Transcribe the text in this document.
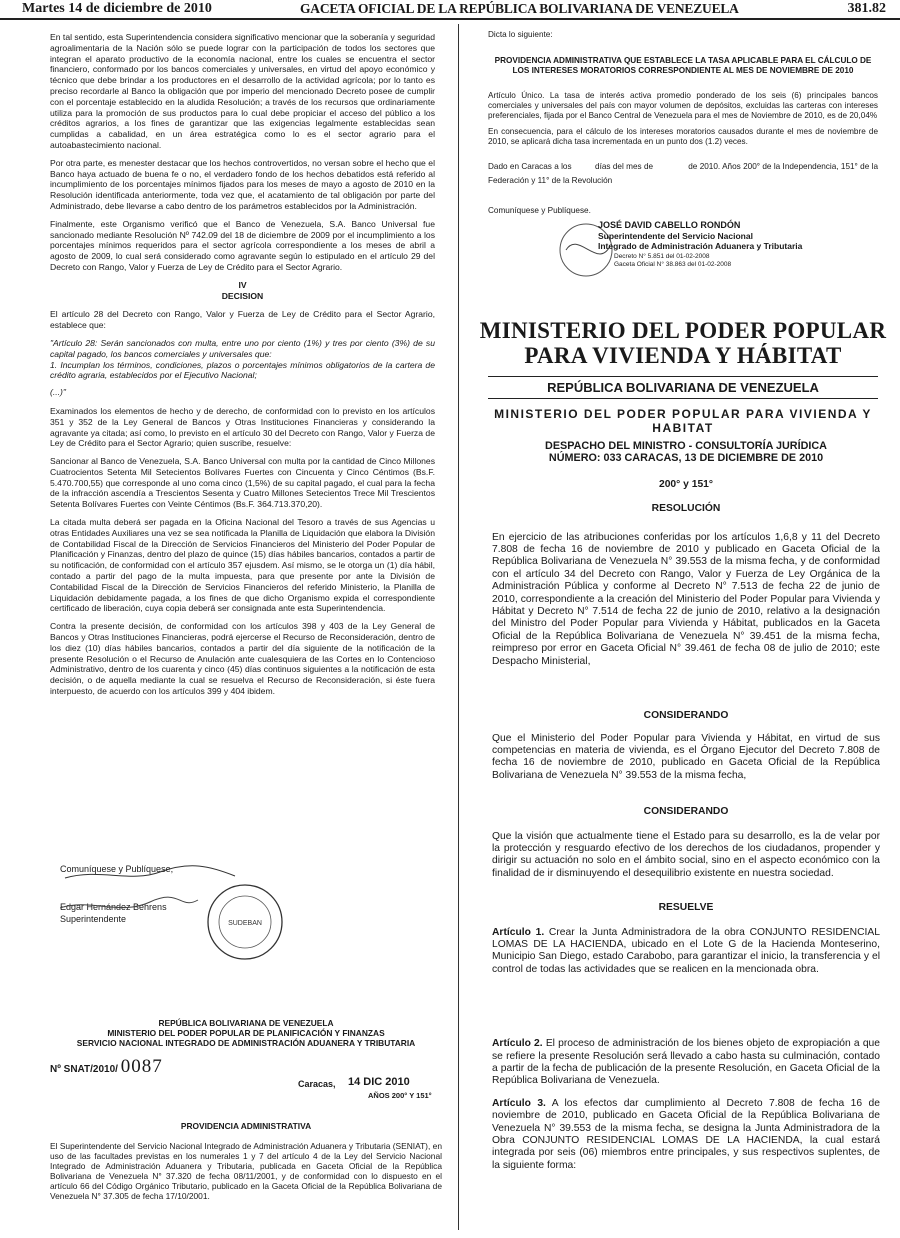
Martes 14 de diciembre de 2010	GACETA OFICIAL DE LA REPÚBLICA BOLIVARIANA DE VENEZUELA	381.82

En tal sentido, esta Superintendencia considera significativo mencionar que la soberanía y seguridad agroalimentaria de la Nación sólo se puede lograr con la participación de todos los sectores que integran el aparato productivo de la economía nacional, entre los cuales se encuentra el sector financiero, conformado por los bancos comerciales y universales, en virtud del apoyo económico y técnico que debe brindar a los productores en el desarrollo de la actividad agrícola; por lo tanto es preciso recordarle al Banco la obligación que por imperio del mencionado Decreto posee de cumplir con el porcentaje establecido en la aludida Resolución; a través de los recursos que ordinariamente utiliza para la promoción de sus productos para lo cual debe propiciar el acceso del público a los créditos agrarios, a los fines de garantizar que las exigencias legalmente establecidas sean cumplidas a cabalidad, en un área estratégica como lo es el sector agrario para el autoabastecimiento nacional.

Por otra parte, es menester destacar que los hechos controvertidos, no versan sobre el hecho que el Banco haya actuado de buena fe o no, el verdadero fondo de los hechos debatidos está referido al incumplimiento de los porcentajes mínimos fijados para los meses de mayo a agosto de 2010 en la Resolución identificada anteriormente, toda vez que, el acatamiento de tal obligación por parte del Administrado, debe llevarse a cabo dentro de los parámetros establecidos por la Administración.

Finalmente, este Organismo verificó que el Banco de Venezuela, S.A. Banco Universal fue sancionado mediante Resolución Nº 742.09 del 18 de diciembre de 2009 por el incumplimiento a los porcentajes mínimos requeridos para el sector agrícola correspondiente a los meses de abril a agosto de 2009, lo cual será considerado como agravante según lo estipulado en el artículo 29 del Decreto con Rango, Valor y Fuerza de Ley de Crédito para el Sector Agrario.

IV

DECISION

El artículo 28 del Decreto con Rango, Valor y Fuerza de Ley de Crédito para el Sector Agrario, establece que:

"Artículo 28: Serán sancionados con multa, entre uno por ciento (1%) y tres por ciento (3%) de su capital pagado, los bancos comerciales y universales que:

1. Incumplan los términos, condiciones, plazos o porcentajes mínimos obligatorios de la cartera de crédito agraria, establecidos por el Ejecutivo Nacional;

(...)"

Examinados los elementos de hecho y de derecho, de conformidad con lo previsto en los artículos 351 y 352 de la Ley General de Bancos y Otras Instituciones Financieras y considerando la agravante ya citada; así como, lo previsto en el artículo 30 del Decreto con Rango, Valor y Fuerza de Ley de Crédito para el Sector Agrario; quien suscribe, resuelve:

Sancionar al Banco de Venezuela, S.A. Banco Universal con multa por la cantidad de Cinco Millones Cuatrocientos Setenta Mil Setecientos Bolívares Fuertes con Cincuenta y Cinco Céntimos (Bs.F. 5.470.700,55) que corresponde al uno coma cinco (1,5%) de su capital pagado, el cual para la fecha de la infracción ascendía a Trescientos Sesenta y Cuatro Millones Setecientos Trece Mil Trescientos Setenta Bolívares Fuertes con Veinte Céntimos (Bs.F. 364.713.370,20).

La citada multa deberá ser pagada en la Oficina Nacional del Tesoro a través de sus Agencias u otras Entidades Auxiliares una vez se sea notificada la Planilla de Liquidación que elabora la División de Contabilidad Fiscal de la Dirección de Servicios Financieros del Ministerio del Poder Popular de Planificación y Finanzas, dentro del plazo de quince (15) días hábiles bancarios, contados a partir de su notificación, de conformidad con el artículo 357 ejusdem. Así mismo, se le otorga un (1) día hábil, contado a partir del pago de la multa impuesta, para que presente por ante la División de Contabilidad Fiscal de la Dirección de Servicios Financieros del referido Ministerio, la Planilla de Liquidación debidamente pagada, a los fines de que dicho Organismo expida el correspondiente certificado de liberación, cuya copia deberá ser consignada ante esta Superintendencia.

Contra la presente decisión, de conformidad con los artículos 398 y 403 de la Ley General de Bancos y Otras Instituciones Financieras, podrá ejercerse el Recurso de Reconsideración, dentro de los diez (10) días hábiles bancarios, contados a partir del día siguiente de la notificación de la presente Resolución o el Recurso de Anulación ante cualesquiera de las Cortes en lo Contencioso Administrativo, dentro de los cuarenta y cinco (45) días continuos siguientes a la notificación de esta decisión, o de aquella mediante la cual se resuelva el Recurso de Reconsideración, si éste fuera interpuesto, de acuerdo con los artículos 399 y 404 ibidem.

Comuníquese y Publíquese,
Edgar Hernández Behrens
Superintendente	SUDEBAN

REPÚBLICA BOLIVARIANA DE VENEZUELA

MINISTERIO DEL PODER POPULAR DE PLANIFICACIÓN Y FINANZAS

SERVICIO NACIONAL INTEGRADO DE ADMINISTRACIÓN ADUANERA Y TRIBUTARIA

Nº SNAT/2010/ 0087
Caracas, 14 DIC 2010
AÑOS 200° Y 151°

PROVIDENCIA ADMINISTRATIVA

El Superintendente del Servicio Nacional Integrado de Administración Aduanera y Tributaria (SENIAT), en uso de las facultades previstas en los numerales 1 y 7 del artículo 4 de la Ley del Servicio Nacional Integrado de Administración Aduanera y Tributaria, publicada en Gaceta Oficial de la República Bolivariana de Venezuela N° 37.320 de fecha 08/11/2001, y de conformidad con lo dispuesto en el artículo 66 del Código Orgánico Tributario, publicado en la Gaceta Oficial de la República Bolivariana de Venezuela N° 37.305 de fecha 17/10/2001.

Dicta lo siguiente:

PROVIDENCIA ADMINISTRATIVA QUE ESTABLECE LA TASA APLICABLE PARA EL CÁLCULO DE LOS INTERESES MORATORIOS CORRESPONDIENTE AL MES DE NOVIEMBRE DE 2010

Artículo Único. La tasa de interés activa promedio ponderado de los seis (6) principales bancos comerciales y universales del país con mayor volumen de depósitos, excluidas las carteras con intereses preferenciales, fijada por el Banco Central de Venezuela para el mes de Noviembre de 2010, es de 20,04%

En consecuencia, para el cálculo de los intereses moratorios causados durante el mes de noviembre de 2010, se aplicará dicha tasa incrementada en un punto dos (1.2) veces.

Dado en Caracas a los          días del mes de               de 2010. Años 200° de la Independencia, 151° de la Federación y 11° de la Revolución

Comuníquese y Publíquese.

JOSÉ DAVID CABELLO RONDÓN
Superintendente del Servicio Nacional
Integrado de Administración Aduanera y Tributaria
Decreto N° 5.851 del 01-02-2008
Gaceta Oficial N° 38.863 del 01-02-2008
MINISTERIO DEL PODER POPULAR PARA VIVIENDA Y HÁBITAT
REPÚBLICA BOLIVARIANA DE VENEZUELA
MINISTERIO DEL PODER POPULAR PARA VIVIENDA Y HABITAT

DESPACHO DEL MINISTRO - CONSULTORÍA JURÍDICA

NÚMERO: 033 CARACAS, 13 DE DICIEMBRE DE 2010

200° y 151°

RESOLUCIÓN

En ejercicio de las atribuciones conferidas por los artículos 1,6,8 y 11 del Decreto 7.808 de fecha 16 de noviembre de 2010 y publicado en Gaceta Oficial de la República Bolivariana de Venezuela N° 39.553 de la misma fecha, y de conformidad con el artículo 34 del Decreto con Rango, Valor y Fuerza de Ley Orgánica de la Administración Pública y conforme al Decreto N° 7.513 de fecha 22 de junio de 2010, correspondiente a la creación del Ministerio del Poder Popular para Vivienda y Hábitat y Decreto N° 7.514 de fecha 22 de junio de 2010, relativo a la designación del Ministro del Poder Popular para Vivienda y Hábitat, publicados en la Gaceta Oficial de la República Bolivariana de Venezuela N° 39.451 de la misma fecha, reimpreso por error en Gaceta Oficial N° 39.461 de fecha 08 de julio de 2010; este Despacho Ministerial,

CONSIDERANDO

Que el Ministerio del Poder Popular para Vivienda y Hábitat, en virtud de sus competencias en materia de vivienda, es el Órgano Ejecutor del Decreto 7.808 de fecha 16 de noviembre de 2010, publicado en Gaceta Oficial de la República Bolivariana de Venezuela N° 39.553 de la misma fecha,

CONSIDERANDO

Que la visión que actualmente tiene el Estado para su desarrollo, es la de velar por la protección y resguardo efectivo de los derechos de los ciudadanos, propender y dirigir su actuación no solo en el ámbito social, sino en el aspecto económico con la finalidad de ir disminuyendo el desequilibrio existente en nuestra sociedad.

RESUELVE

Artículo 1. Crear la Junta Administradora de la obra CONJUNTO RESIDENCIAL LOMAS DE LA HACIENDA, ubicado en el Lote G de la Hacienda Monteserino, Municipio San Diego, estado Carabobo, para garantizar el inicio, la transferencia y el control de todas las actividades que se realicen en la mencionada obra.

Artículo 2. El proceso de administración de los bienes objeto de expropiación a que se refiere la presente Resolución será llevado a cabo hasta su culminación, contado a partir de la fecha de publicación de la presente Resolución, en Gaceta Oficial de la República Bolivariana de Venezuela.

Artículo 3. A los efectos dar cumplimiento al Decreto 7.808 de fecha 16 de noviembre de 2010, publicado en Gaceta Oficial de la República Bolivariana de Venezuela N° 39.553 de la misma fecha, se designa la Junta Administradora de la Obra CONJUNTO RESIDENCIAL LOMAS DE LA HACIENDA, la cual estará integrada por seis (06) miembros entre principales, y sus respectivos suplentes, de la siguiente forma:
